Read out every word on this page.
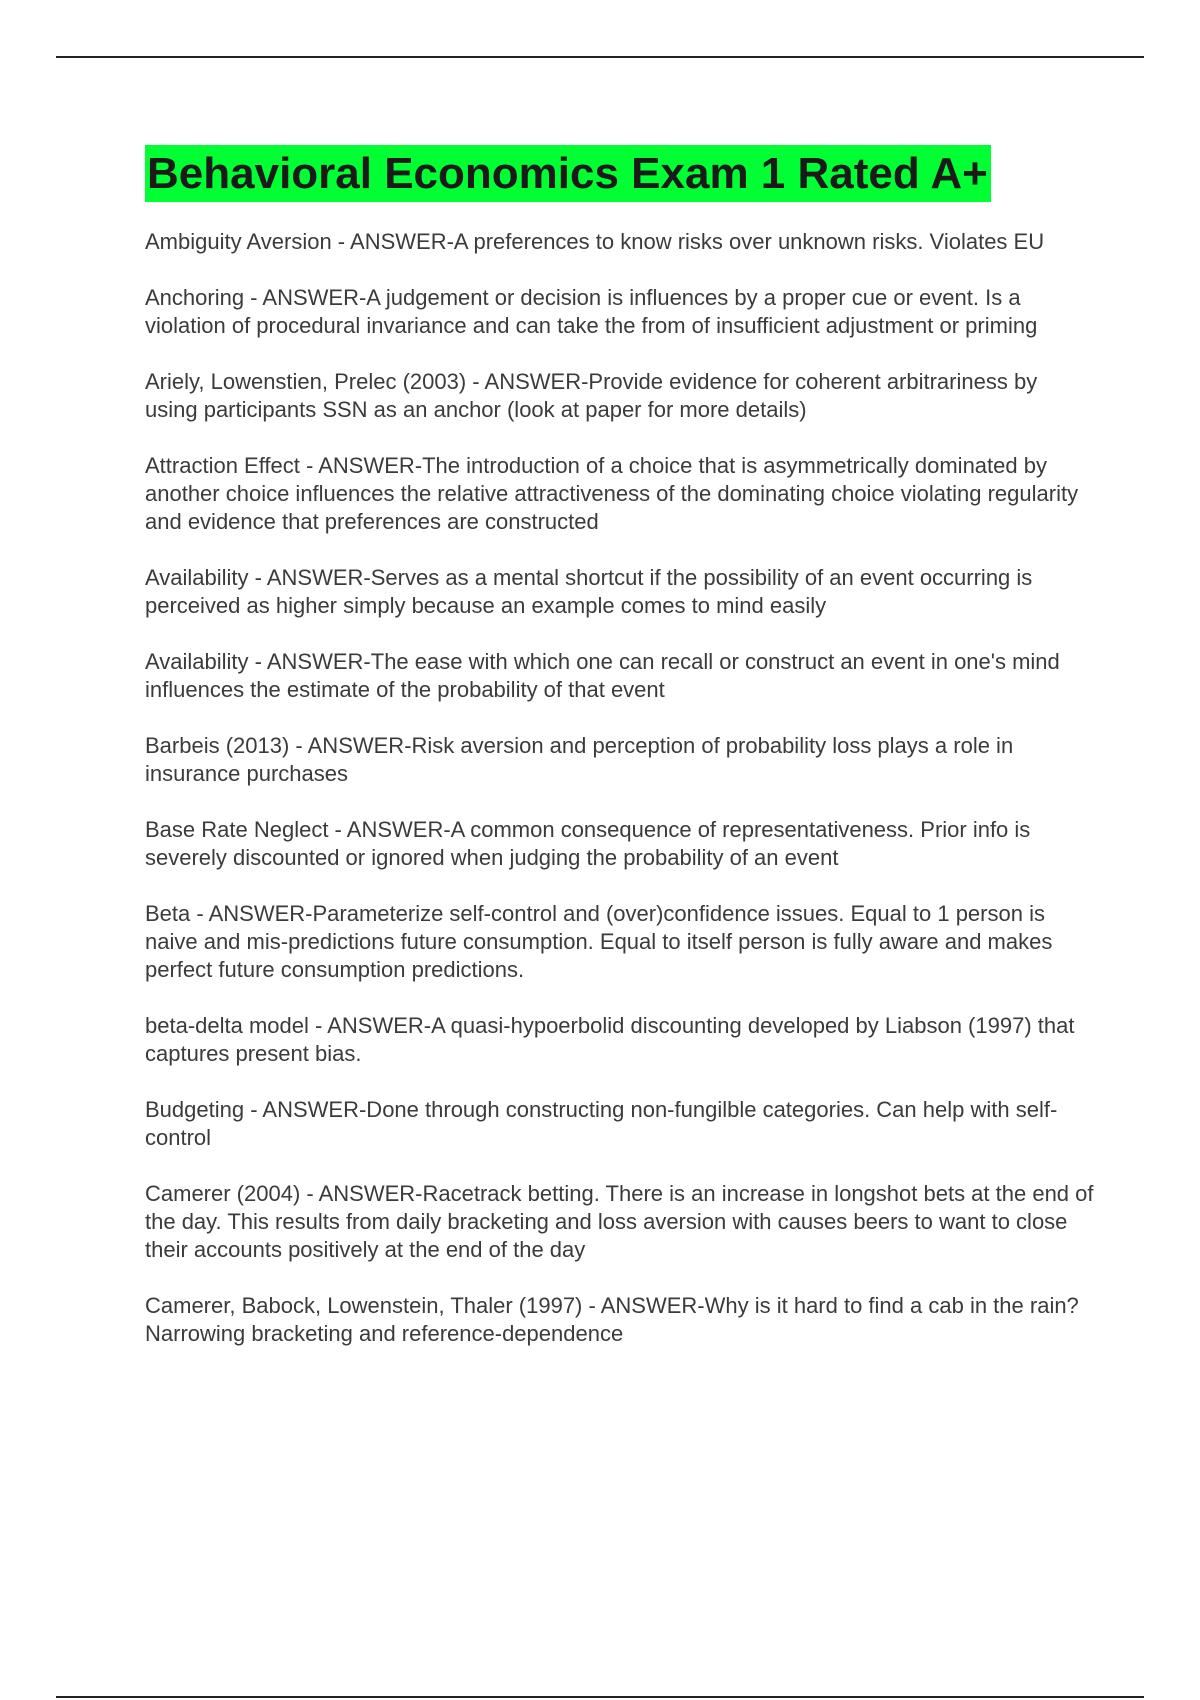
Behavioral Economics Exam 1 Rated A+

Ambiguity Aversion - ANSWER-A preferences to know risks over unknown risks. Violates EU

Anchoring - ANSWER-A judgement or decision is influences by a proper cue or event. Is a violation of procedural invariance and can take the from of insufficient adjustment or priming

Ariely, Lowenstien, Prelec (2003) - ANSWER-Provide evidence for coherent arbitrariness by using participants SSN as an anchor (look at paper for more details)

Attraction Effect - ANSWER-The introduction of a choice that is asymmetrically dominated by another choice influences the relative attractiveness of the dominating choice violating regularity and evidence that preferences are constructed

Availability - ANSWER-Serves as a mental shortcut if the possibility of an event occurring is perceived as higher simply because an example comes to mind easily

Availability - ANSWER-The ease with which one can recall or construct an event in one's mind influences the estimate of the probability of that event

Barbeis (2013) - ANSWER-Risk aversion and perception of probability loss plays a role in insurance purchases

Base Rate Neglect - ANSWER-A common consequence of representativeness. Prior info is severely discounted or ignored when judging the probability of an event

Beta - ANSWER-Parameterize self-control and (over)confidence issues. Equal to 1 person is naive and mis-predictions future consumption. Equal to itself person is fully aware and makes perfect future consumption predictions.

beta-delta model - ANSWER-A quasi-hypoerbolid discounting developed by Liabson (1997) that captures present bias.

Budgeting - ANSWER-Done through constructing non-fungilble categories. Can help with self-control

Camerer (2004) - ANSWER-Racetrack betting. There is an increase in longshot bets at the end of the day. This results from daily bracketing and loss aversion with causes beers to want to close their accounts positively at the end of the day

Camerer, Babock, Lowenstein, Thaler (1997) - ANSWER-Why is it hard to find a cab in the rain? Narrowing bracketing and reference-dependence
